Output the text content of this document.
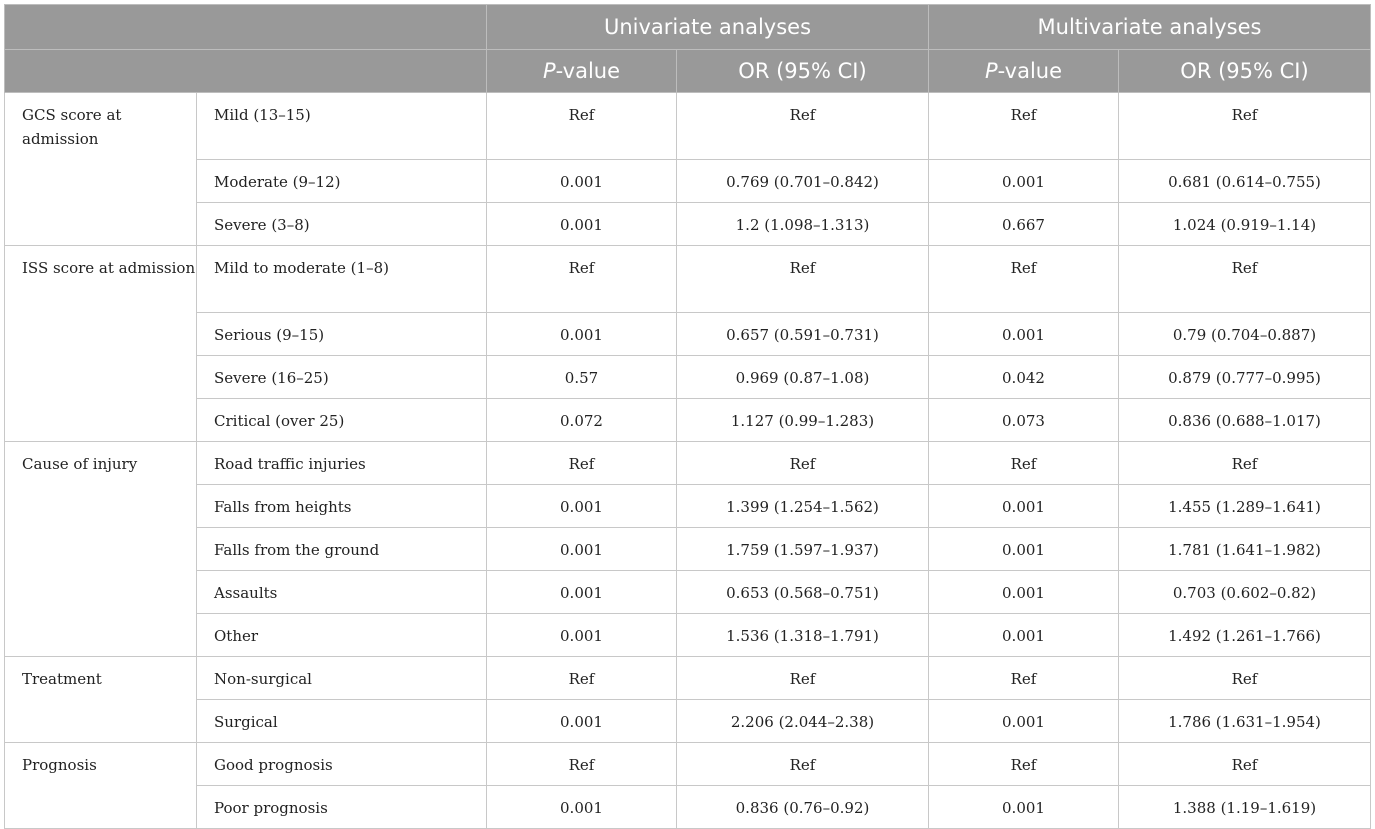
		Univariate analyses		Multivariate analyses	
		P-value	OR (95% CI)	P-value	OR (95% CI)
GCS score at admission	Mild (13–15)	Ref	Ref	Ref	Ref
	Moderate (9–12)	0.001	0.769 (0.701–0.842)	0.001	0.681 (0.614–0.755)
	Severe (3–8)	0.001	1.2 (1.098–1.313)	0.667	1.024 (0.919–1.14)
ISS score at admission	Mild to moderate (1–8)	Ref	Ref	Ref	Ref
	Serious (9–15)	0.001	0.657 (0.591–0.731)	0.001	0.79 (0.704–0.887)
	Severe (16–25)	0.57	0.969 (0.87–1.08)	0.042	0.879 (0.777–0.995)
	Critical (over 25)	0.072	1.127 (0.99–1.283)	0.073	0.836 (0.688–1.017)
Cause of injury	Road traffic injuries	Ref	Ref	Ref	Ref
	Falls from heights	0.001	1.399 (1.254–1.562)	0.001	1.455 (1.289–1.641)
	Falls from the ground	0.001	1.759 (1.597–1.937)	0.001	1.781 (1.641–1.982)
	Assaults	0.001	0.653 (0.568–0.751)	0.001	0.703 (0.602–0.82)
	Other	0.001	1.536 (1.318–1.791)	0.001	1.492 (1.261–1.766)
Treatment	Non-surgical	Ref	Ref	Ref	Ref
	Surgical	0.001	2.206 (2.044–2.38)	0.001	1.786 (1.631–1.954)
Prognosis	Good prognosis	Ref	Ref	Ref	Ref
	Poor prognosis	0.001	0.836 (0.76–0.92)	0.001	1.388 (1.19–1.619)
